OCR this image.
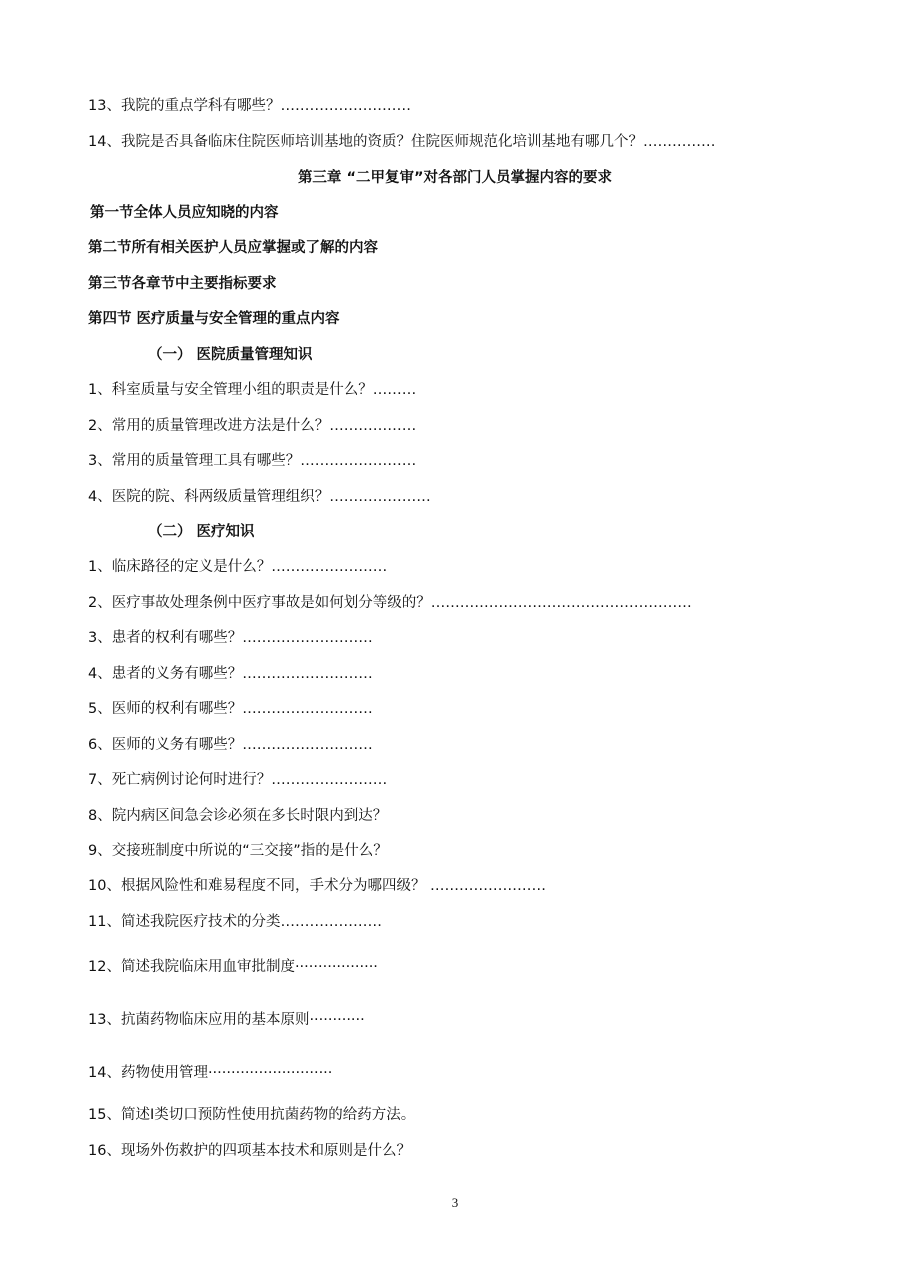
13、我院的重点学科有哪些？………………………
14、我院是否具备临床住院医师培训基地的资质？住院医师规范化培训基地有哪几个？……………
第三章 “二甲复审”对各部门人员掌握内容的要求
第一节全体人员应知晓的内容
第二节所有相关医护人员应掌握或了解的内容
第三节各章节中主要指标要求
第四节 医疗质量与安全管理的重点内容
（一） 医院质量管理知识
1、科室质量与安全管理小组的职责是什么？………
2、常用的质量管理改进方法是什么？………………
3、常用的质量管理工具有哪些？……………………
4、医院的院、科两级质量管理组织？…………………
（二） 医疗知识
1、临床路径的定义是什么？……………………
2、医疗事故处理条例中医疗事故是如何划分等级的？………………………………………………
3、患者的权利有哪些？………………………
4、患者的义务有哪些？………………………
5、医师的权利有哪些？………………………
6、医师的义务有哪些？………………………
7、死亡病例讨论何时进行？……………………
8、院内病区间急会诊必须在多长时限内到达？
9、交接班制度中所说的“三交接”指的是什么？
10、根据风险性和难易程度不同，手术分为哪四级？ ……………………
11、简述我院医疗技术的分类…………………
12、简述我院临床用血审批制度··················
13、抗菌药物临床应用的基本原则············
14、药物使用管理···························
15、简述Ⅰ类切口预防性使用抗菌药物的给药方法。
16、现场外伤救护的四项基本技术和原则是什么？
3
